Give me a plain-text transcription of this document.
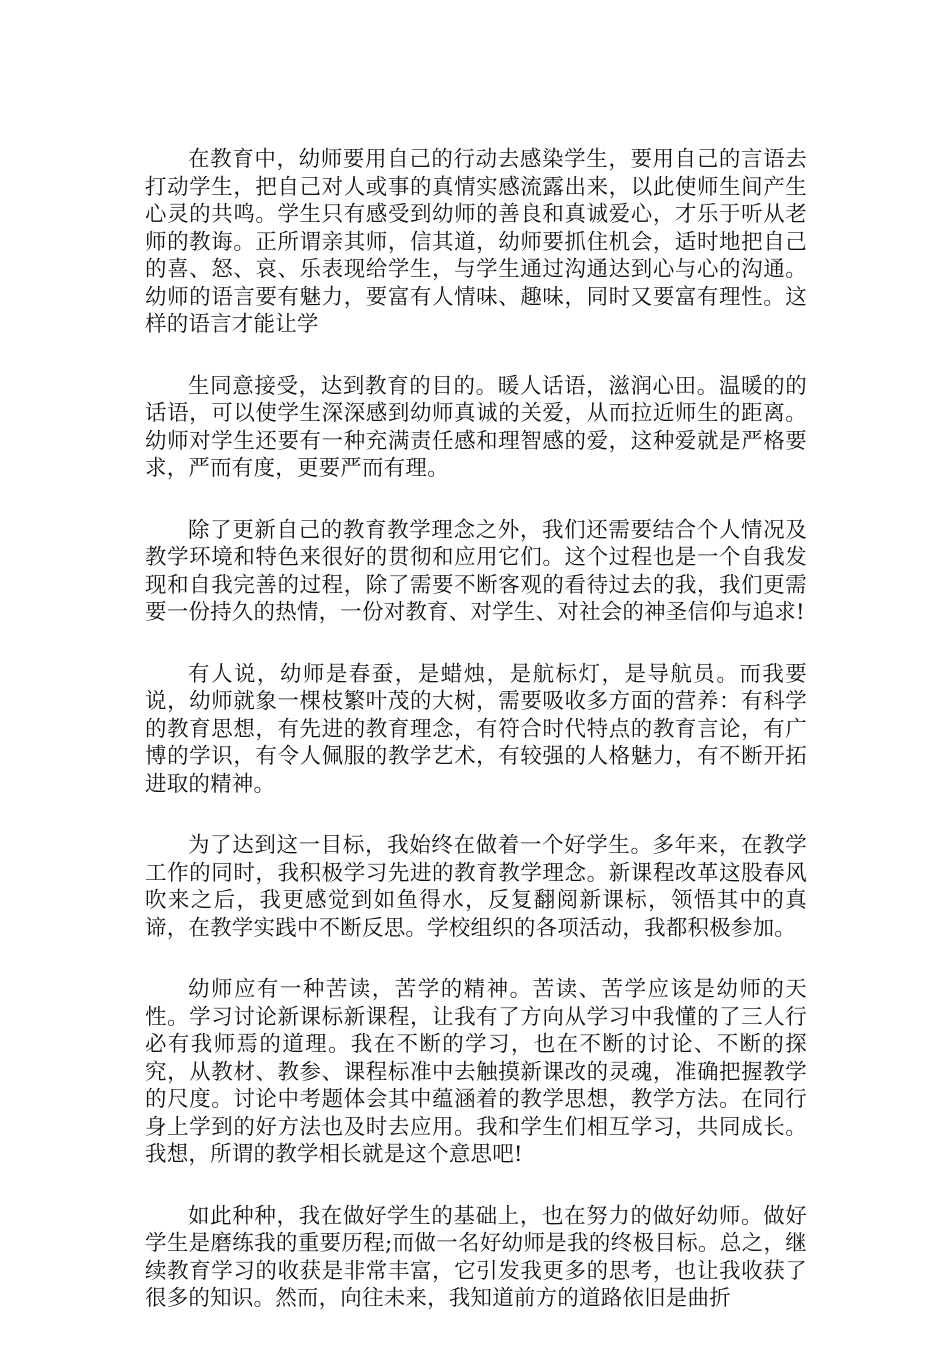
在教育中，幼师要用自己的行动去感染学生，要用自己的言语去打动学生，把自己对人或事的真情实感流露出来，以此使师生间产生心灵的共鸣。学生只有感受到幼师的善良和真诚爱心，才乐于听从老师的教诲。正所谓亲其师，信其道，幼师要抓住机会，适时地把自己的喜、怒、哀、乐表现给学生，与学生通过沟通达到心与心的沟通。幼师的语言要有魅力，要富有人情味、趣味，同时又要富有理性。这样的语言才能让学

生同意接受，达到教育的目的。暖人话语，滋润心田。温暖的的话语，可以使学生深深感到幼师真诚的关爱，从而拉近师生的距离。幼师对学生还要有一种充满责任感和理智感的爱，这种爱就是严格要求，严而有度，更要严而有理。

除了更新自己的教育教学理念之外，我们还需要结合个人情况及教学环境和特色来很好的贯彻和应用它们。这个过程也是一个自我发现和自我完善的过程，除了需要不断客观的看待过去的我，我们更需要一份持久的热情，一份对教育、对学生、对社会的神圣信仰与追求!

有人说，幼师是春蚕，是蜡烛，是航标灯，是导航员。而我要说，幼师就象一棵枝繁叶茂的大树，需要吸收多方面的营养：有科学的教育思想，有先进的教育理念，有符合时代特点的教育言论，有广博的学识，有令人佩服的教学艺术，有较强的人格魅力，有不断开拓进取的精神。

为了达到这一目标，我始终在做着一个好学生。多年来，在教学工作的同时，我积极学习先进的教育教学理念。新课程改革这股春风吹来之后，我更感觉到如鱼得水，反复翻阅新课标，领悟其中的真谛，在教学实践中不断反思。学校组织的各项活动，我都积极参加。

幼师应有一种苦读，苦学的精神。苦读、苦学应该是幼师的天性。学习讨论新课标新课程，让我有了方向从学习中我懂的了三人行必有我师焉的道理。我在不断的学习，也在不断的讨论、不断的探究，从教材、教参、课程标准中去触摸新课改的灵魂，准确把握教学的尺度。讨论中考题体会其中蕴涵着的教学思想，教学方法。在同行身上学到的好方法也及时去应用。我和学生们相互学习，共同成长。我想，所谓的教学相长就是这个意思吧!

如此种种，我在做好学生的基础上，也在努力的做好幼师。做好学生是磨练我的重要历程;而做一名好幼师是我的终极目标。总之，继续教育学习的收获是非常丰富，它引发我更多的思考，也让我收获了很多的知识。然而，向往未来，我知道前方的道路依旧是曲折
